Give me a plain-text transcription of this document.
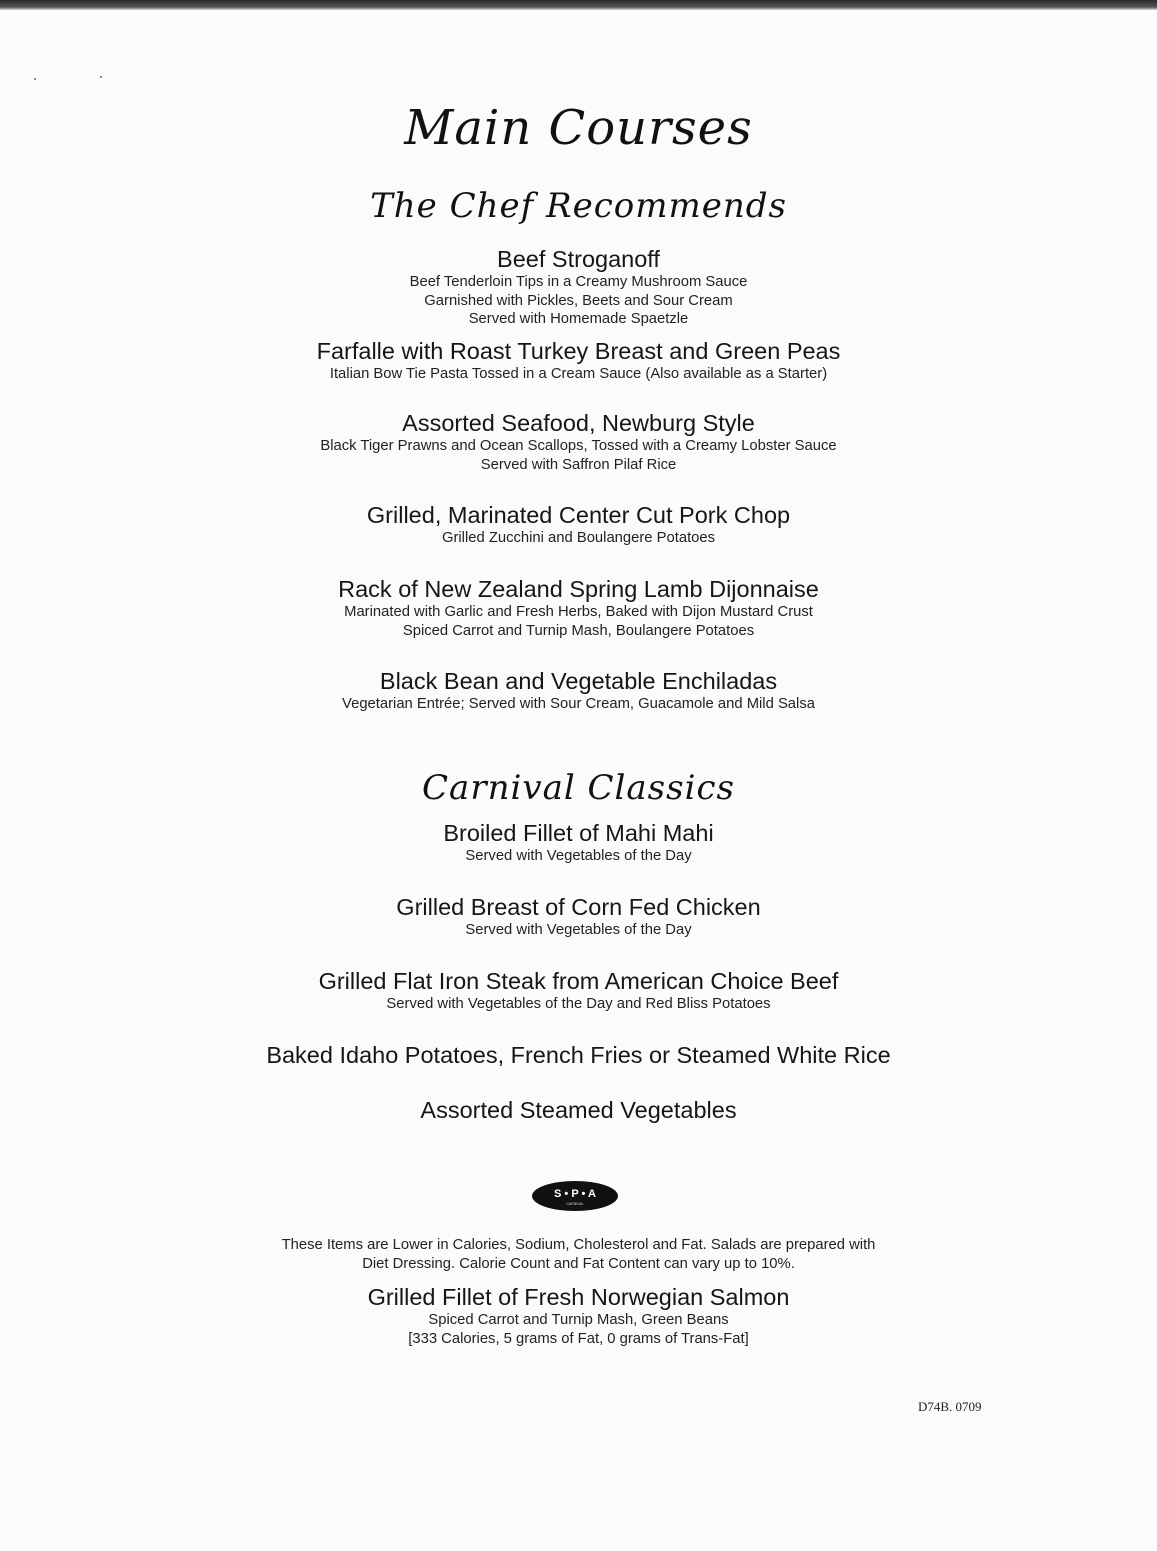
Main Courses
The Chef Recommends
Beef Stroganoff
Beef Tenderloin Tips in a Creamy Mushroom Sauce
Garnished with Pickles, Beets and Sour Cream
Served with Homemade Spaetzle
Farfalle with Roast Turkey Breast and Green Peas
Italian Bow Tie Pasta Tossed in a Cream Sauce (Also available as a Starter)
Assorted Seafood, Newburg Style
Black Tiger Prawns and Ocean Scallops, Tossed with a Creamy Lobster Sauce
Served with Saffron Pilaf Rice
Grilled, Marinated Center Cut Pork Chop
Grilled Zucchini and Boulangere Potatoes
Rack of New Zealand Spring Lamb Dijonnaise
Marinated with Garlic and Fresh Herbs, Baked with Dijon Mustard Crust
Spiced Carrot and Turnip Mash, Boulangere Potatoes
Black Bean and Vegetable Enchiladas
Vegetarian Entrée; Served with Sour Cream, Guacamole and Mild Salsa
Carnival Classics
Broiled Fillet of Mahi Mahi
Served with Vegetables of the Day
Grilled Breast of Corn Fed Chicken
Served with Vegetables of the Day
Grilled Flat Iron Steak from American Choice Beef
Served with Vegetables of the Day and Red Bliss Potatoes
Baked Idaho Potatoes, French Fries or Steamed White Rice
Assorted Steamed Vegetables
S • P • A
CARNIVAL
These Items are Lower in Calories, Sodium, Cholesterol and Fat. Salads are prepared with
Diet Dressing. Calorie Count and Fat Content can vary up to 10%.
Grilled Fillet of Fresh Norwegian Salmon
Spiced Carrot and Turnip Mash, Green Beans
[333 Calories, 5 grams of Fat, 0 grams of Trans-Fat]
D74B. 0709
